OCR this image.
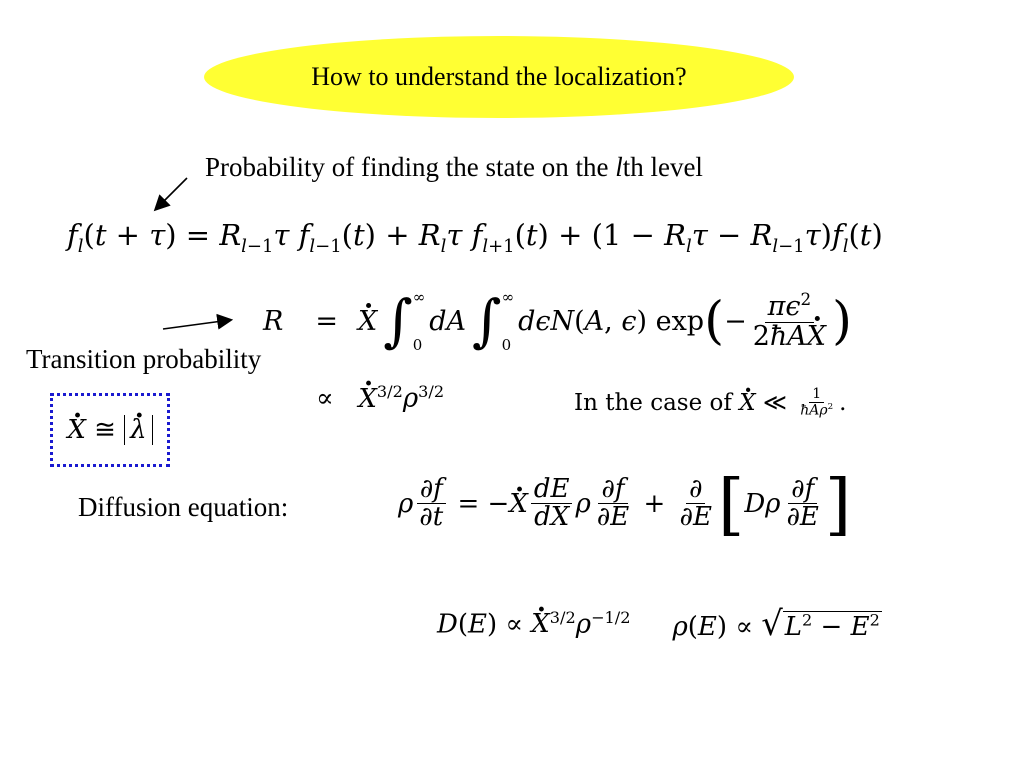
How to understand the localization?
Probability of finding the state on the lth level
$f_l(t + \tau) = R_{l-1}\tau$ $f_{l-1}(t) + R_l\tau$ $f_{l+1}(t) + (1 - R_l\tau - R_{l-1}\tau)f_l(t)$
R = · X ∫ ∞
0
dA ∫ ∞
0
dϵN(A, ϵ) exp ( − $\frac{\pi\epsilon^2}{2ħA\cdot X}$ )
Transition probability
∝   · $X^{3/2}\rho^{3/2}$	In the case of
· X ≪ $\frac{1}{ħA\rho^2}$ .
· X ≅ · λ
Diffusion equation:	ρ $\frac{\partial f}{\partial t}$ = − · X $\frac{dE}{dX}$ ρ $\frac{\partial f}{\partial E} + \frac{\partial}{\partial E}$ [ Dρ $\frac{\partial f}{\partial E}$ ]
D(E) ∝ · $X^{3/2}\rho^{-1/2}$ $\rho(E) \propto √L^2 - E^2$
